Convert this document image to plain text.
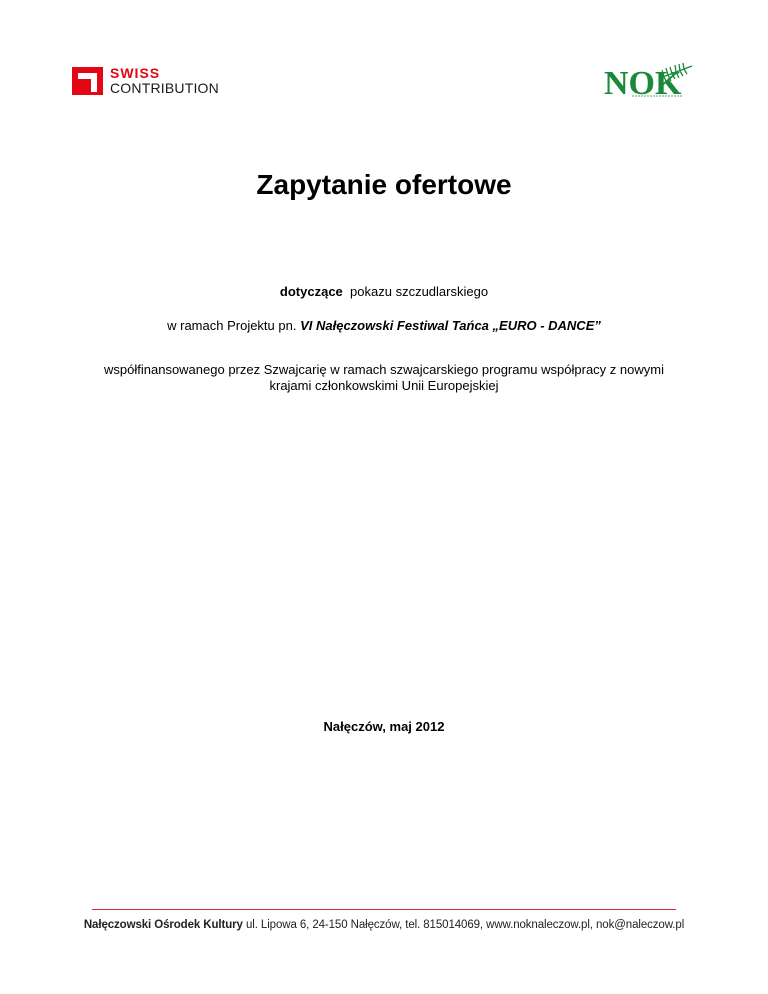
SWISS
CONTRIBUTION	NOK
Zapytanie ofertowe
dotyczące pokazu szczudlarskiego
w ramach Projektu pn. VI Nałęczowski Festiwal Tańca „EURO - DANCE”
współfinansowanego przez Szwajcarię w ramach szwajcarskiego programu współpracy z nowymi
krajami członkowskimi Unii Europejskiej
Nałęczów, maj 2012
Nałęczowski Ośrodek Kultury ul. Lipowa 6, 24-150 Nałęczów, tel. 815014069, www.noknaleczow.pl, nok@naleczow.pl
